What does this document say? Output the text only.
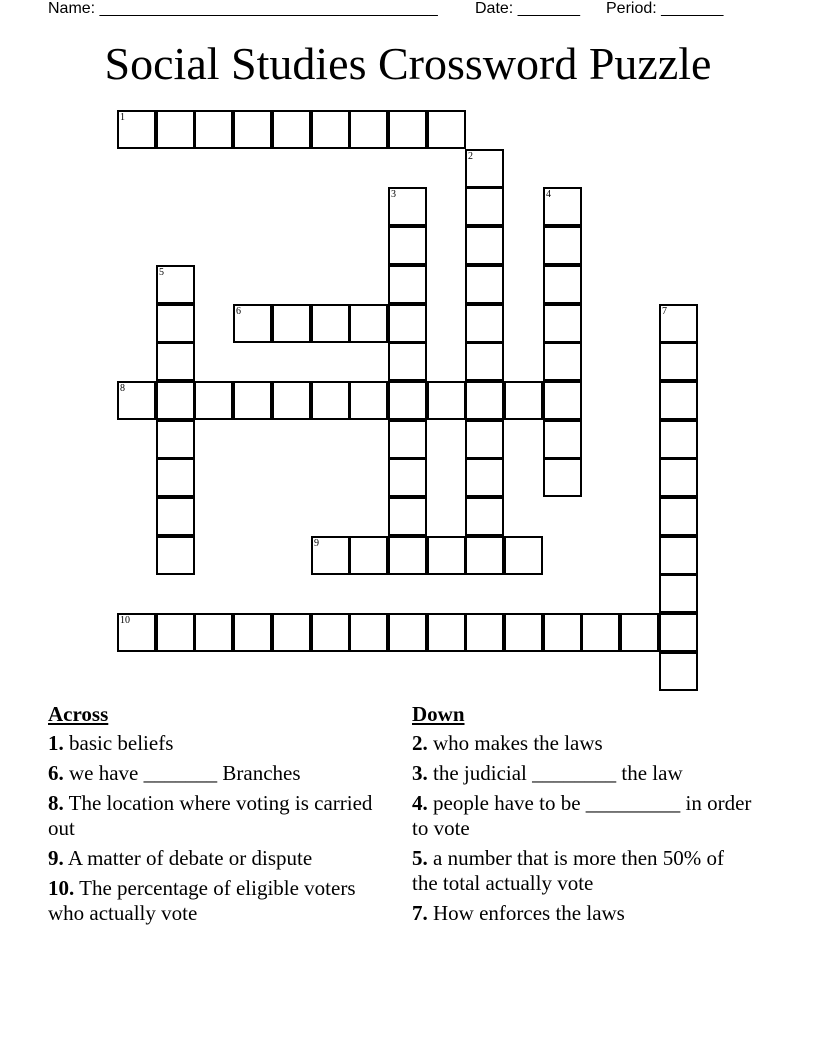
Name: ______________________________________ Date: _______ Period: _______
Social Studies Crossword Puzzle
1
2
3	4
5
6	7
8
9
10
Across
1. basic beliefs
6. we have _______ Branches
8. The location where voting is carried out
9. A matter of debate or dispute
10. The percentage of eligible voters who actually vote
Down
2. who makes the laws
3. the judicial ________ the law
4. people have to be _________ in order to vote
5. a number that is more then 50% of the total actually vote
7. How enforces the laws
